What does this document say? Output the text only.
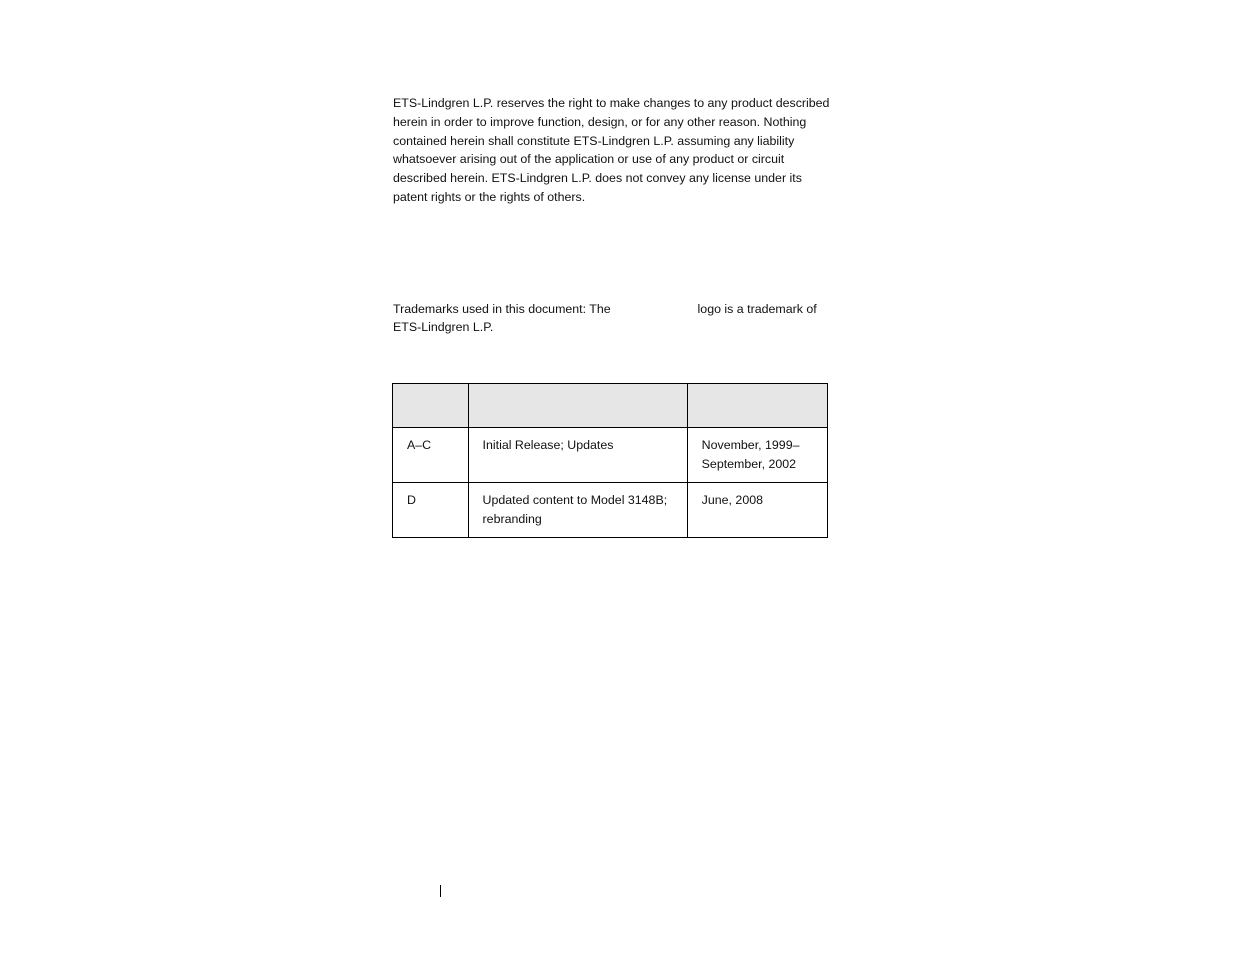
ETS-Lindgren L.P. reserves the right to make changes to any product described herein in order to improve function, design, or for any other reason. Nothing contained herein shall constitute ETS-Lindgren L.P. assuming any liability whatsoever arising out of the application or use of any product or circuit described herein. ETS-Lindgren L.P. does not convey any license under its patent rights or the rights of others.

Trademarks used in this document: The	logo is a trademark of ETS-Lindgren L.P.

A–C	Initial Release; Updates	November, 1999–September, 2002
D	Updated content to Model 3148B; rebranding	June, 2008
